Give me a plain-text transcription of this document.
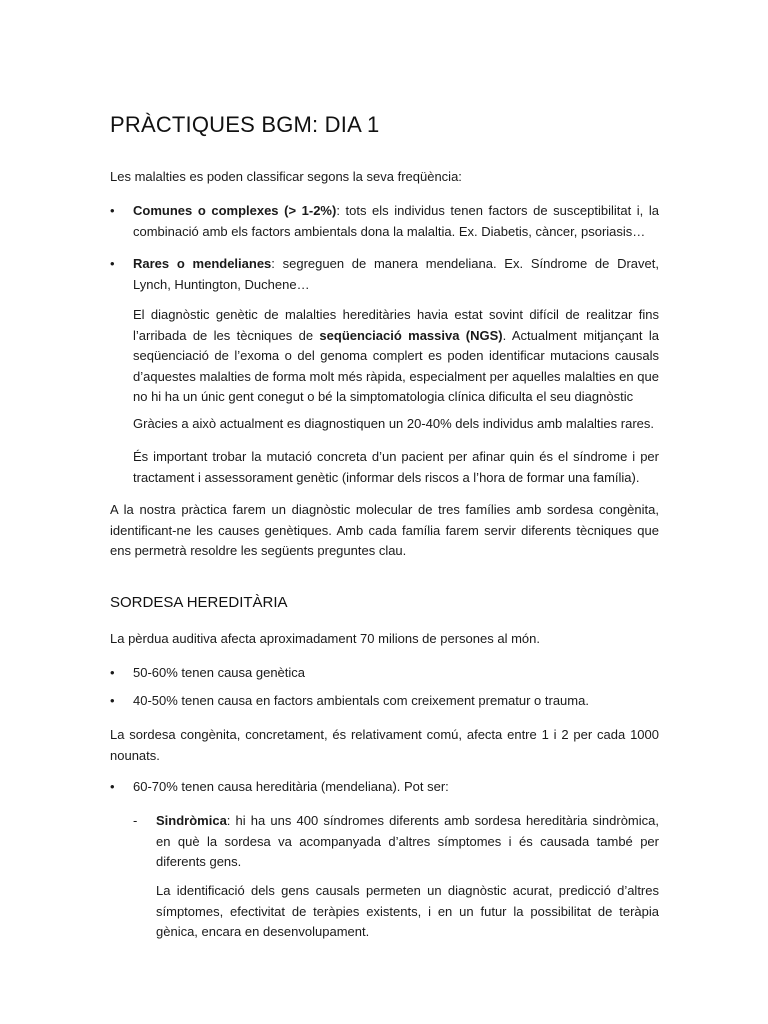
PRÀCTIQUES BGM: DIA 1

Les malalties es poden classificar segons la seva freqüència:

•	Comunes o complexes (> 1-2%): tots els individus tenen factors de susceptibilitat i, la combinació amb els factors ambientals dona la malaltia. Ex. Diabetis, càncer, psoriasis…
•	Rares o mendelianes: segreguen de manera mendeliana. Ex. Síndrome de Dravet, Lynch, Huntington, Duchene…

El diagnòstic genètic de malalties hereditàries havia estat sovint difícil de realitzar fins l’arribada de les tècniques de seqüenciació massiva (NGS). Actualment mitjançant la seqüenciació de l’exoma o del genoma complert es poden identificar mutacions causals d’aquestes malalties de forma molt més ràpida, especialment per aquelles malalties en que no hi ha un únic gent conegut o bé la simptomatologia clínica dificulta el seu diagnòstic

Gràcies a això actualment es diagnostiquen un 20-40% dels individus amb malalties rares.

És important trobar la mutació concreta d’un pacient per afinar quin és el síndrome i per tractament i assessorament genètic (informar dels riscos a l’hora de formar una família).

A la nostra pràctica farem un diagnòstic molecular de tres famílies amb sordesa congènita, identificant-ne les causes genètiques. Amb cada família farem servir diferents tècniques que ens permetrà resoldre les següents preguntes clau.

SORDESA HEREDITÀRIA

La pèrdua auditiva afecta aproximadament 70 milions de persones al món.

•	50-60% tenen causa genètica
•	40-50% tenen causa en factors ambientals com creixement prematur o trauma.

La sordesa congènita, concretament, és relativament comú, afecta entre 1 i 2 per cada 1000 nounats.

•	60-70% tenen causa hereditària (mendeliana). Pot ser:
- Sindròmica: hi ha uns 400 síndromes diferents amb sordesa hereditària sindròmica, en què la sordesa va acompanyada d’altres símptomes i és causada també per diferents gens.

La identificació dels gens causals permeten un diagnòstic acurat, predicció d’altres símptomes, efectivitat de teràpies existents, i en un futur la possibilitat de teràpia gènica, encara en desenvolupament.
